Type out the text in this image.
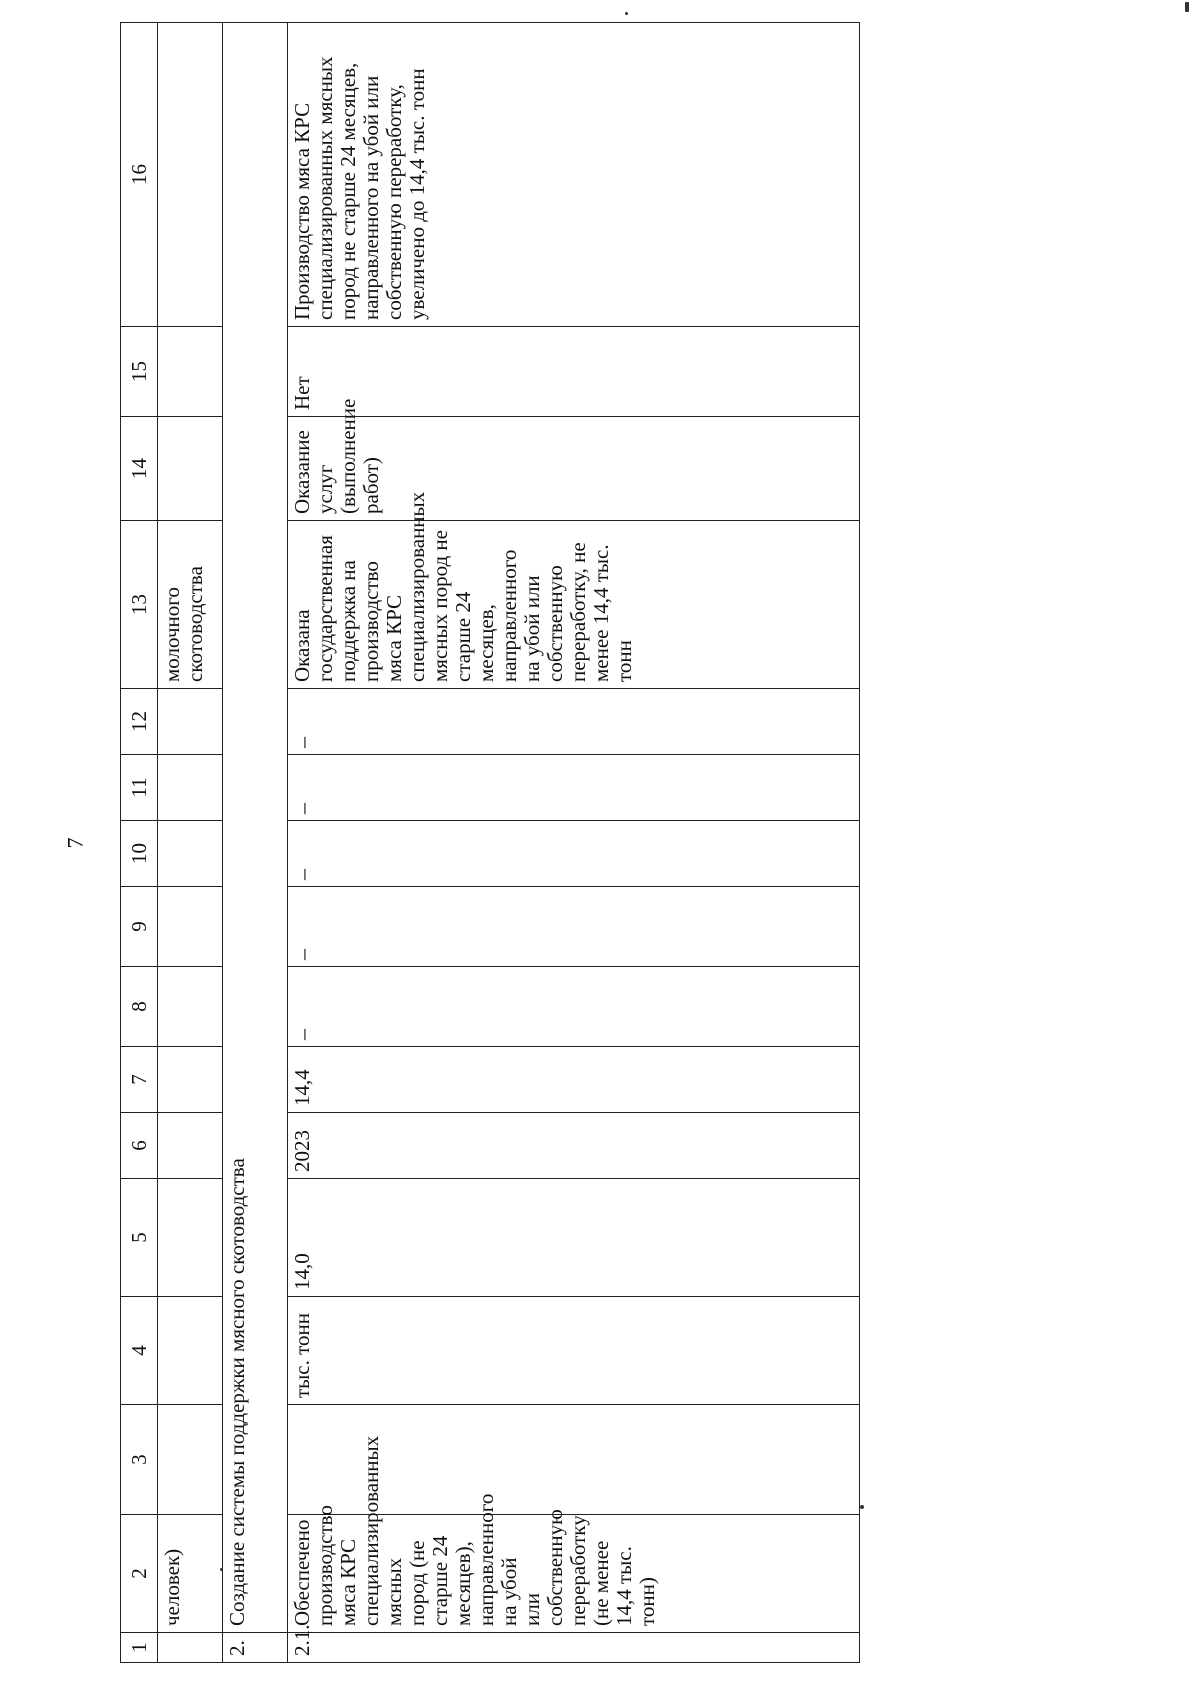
7
1	2	3	4	5	6	7	8	9	10	11	12	13	14	15	16
	человек)											молочного скотоводства			
2.	Создание системы поддержки мясного скотоводства														
2.1.	Обеспечено производство мяса КРС специализированных мясных пород (не старше 24 месяцев), направленного на убой или собственную переработку (не менее 14,4 тыс. тонн)		тыс. тонн	14,0	2023	14,4	–	–	–	–	–	Оказана государственная поддержка на производство мяса КРС специализированных мясных пород не старше 24 месяцев, направленного на убой или собственную переработку, не менее 14,4 тыс. тонн	Оказание услуг (выполнение работ)	Нет	Производство мяса КРС специализированных мясных пород не старше 24 месяцев, направленного на убой или собственную переработку, увеличено до 14,4 тыс. тонн
